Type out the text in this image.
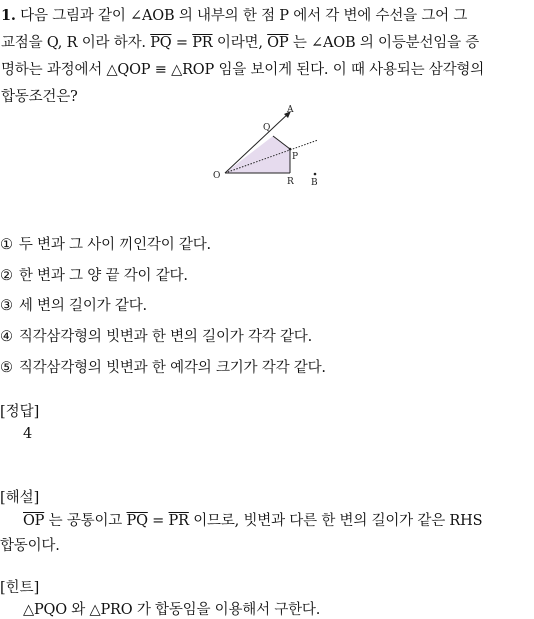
1. 다음 그림과 같이 ∠AOB 의 내부의 한 점 P 에서 각 변에 수선을 그어 그
교점을 Q, R 이라 하자. $\overline{PQ} = \overline{PR}$ 이라면, $\overline{OP}$ 는 ∠AOB 의 이등분선임을 증
명하는 과정에서 △QOP ≡ △ROP 임을 보이게 된다. 이 때 사용되는 삼각형의
합동조건은?
A
Q
P
O
R B
① 두 변과 그 사이 끼인각이 같다.
② 한 변과 그 양 끝 각이 같다.
③ 세 변의 길이가 같다.
④ 직각삼각형의 빗변과 한 변의 길이가 각각 같다.
⑤ 직각삼각형의 빗변과 한 예각의 크기가 각각 같다.
[정답]
4
[해설]
$\overline{OP}$ 는 공통이고 $\overline{PQ} = \overline{PR}$ 이므로, 빗변과 다른 한 변의 길이가 같은 RHS
합동이다.
[힌트]
△PQO 와 △PRO 가 합동임을 이용해서 구한다.
